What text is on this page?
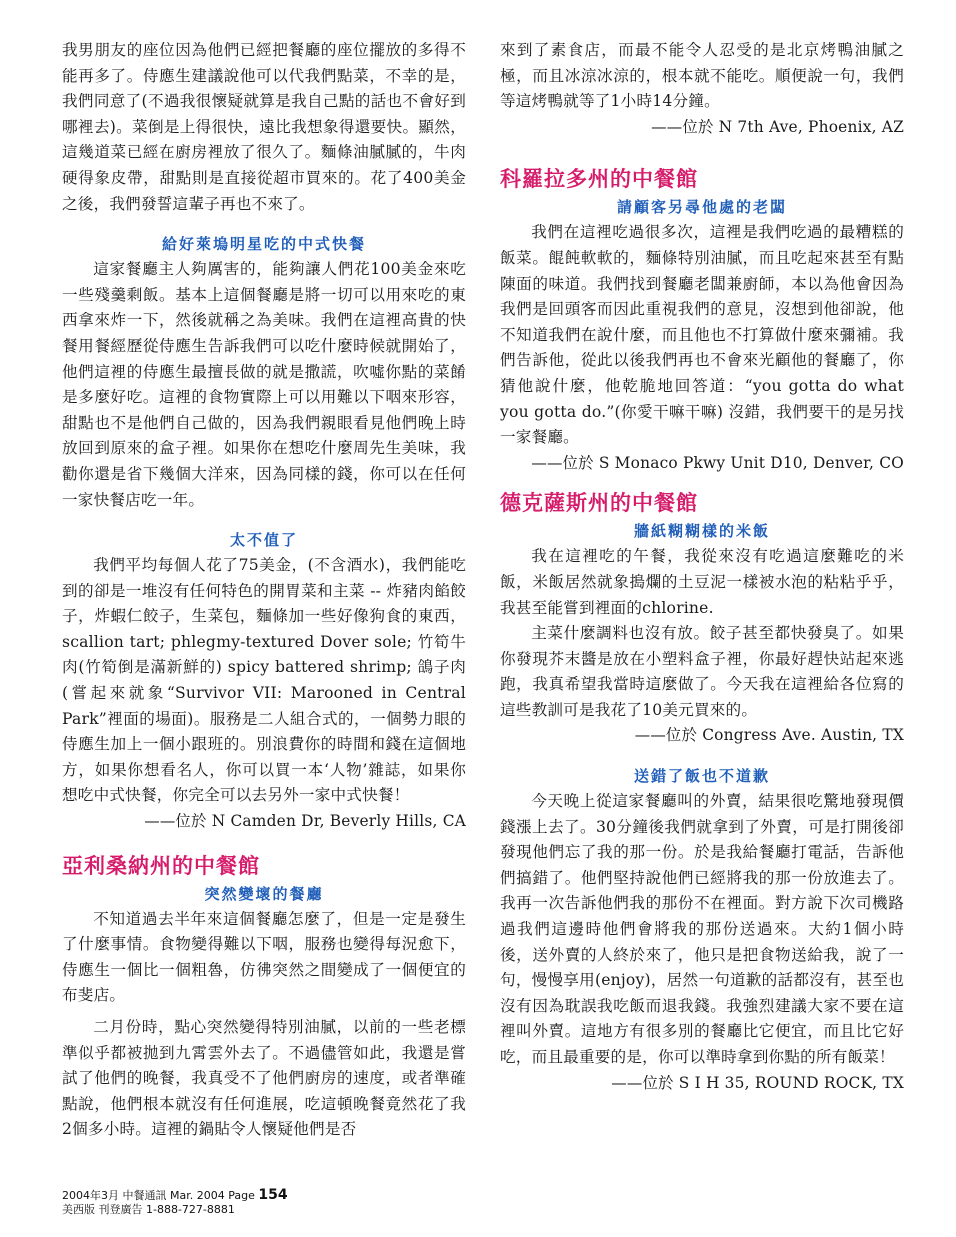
我男朋友的座位因為他們已經把餐廳的座位擺放的多得不能再多了。侍應生建議說他可以代我們點菜，不幸的是，我們同意了(不過我很懷疑就算是我自己點的話也不會好到哪裡去)。菜倒是上得很快，遠比我想象得還要快。顯然，這幾道菜已經在廚房裡放了很久了。麵條油膩膩的，牛肉硬得象皮帶，甜點則是直接從超市買來的。花了400美金之後，我們發誓這輩子再也不來了。

給好萊塢明星吃的中式快餐

這家餐廳主人夠厲害的，能夠讓人們花100美金來吃一些殘羹剩飯。基本上這個餐廳是將一切可以用來吃的東西拿來炸一下，然後就稱之為美味。我們在這裡高貴的快餐用餐經歷從侍應生告訴我們可以吃什麼時候就開始了，他們這裡的侍應生最擅長做的就是撒謊，吹噓你點的菜餚是多麼好吃。這裡的食物實際上可以用難以下咽來形容，甜點也不是他們自己做的，因為我們親眼看見他們晚上時放回到原來的盒子裡。如果你在想吃什麼周先生美味，我勸你還是省下幾個大洋來，因為同樣的錢，你可以在任何一家快餐店吃一年。

太不值了

我們平均每個人花了75美金，(不含酒水)，我們能吃到的卻是一堆沒有任何特色的開胃菜和主菜 -- 炸豬肉餡餃子，炸蝦仁餃子，生菜包，麵條加一些好像狗食的東西，scallion tart; phlegmy-textured Dover sole; 竹筍牛肉(竹筍倒是滿新鮮的) spicy battered shrimp; 鴿子肉(嘗起來就象“Survivor VII: Marooned in Central Park”裡面的場面)。服務是二人組合式的，一個勢力眼的侍應生加上一個小跟班的。別浪費你的時間和錢在這個地方，如果你想看名人，你可以買一本‘人物’雜誌，如果你想吃中式快餐，你完全可以去另外一家中式快餐！

——位於 N Camden Dr, Beverly Hills, CA

亞利桑納州的中餐館
突然變壞的餐廳

不知道過去半年來這個餐廳怎麼了，但是一定是發生了什麼事情。食物變得難以下咽，服務也變得每況愈下，侍應生一個比一個粗魯，仿彿突然之間變成了一個便宜的布斐店。

二月份時，點心突然變得特別油膩，以前的一些老標準似乎都被拋到九霄雲外去了。不過儘管如此，我還是嘗試了他們的晚餐，我真受不了他們廚房的速度，或者準確點說，他們根本就沒有任何進展，吃這頓晚餐竟然花了我2個多小時。這裡的鍋貼令人懷疑他們是否

來到了素食店，而最不能令人忍受的是北京烤鴨油膩之極，而且冰涼冰涼的，根本就不能吃。順便說一句，我們等這烤鴨就等了1小時14分鐘。

——位於 N 7th Ave, Phoenix, AZ

科羅拉多州的中餐館
請顧客另尋他處的老闆

我們在這裡吃過很多次，這裡是我們吃過的最糟糕的飯菜。餛飩軟軟的，麵條特別油膩，而且吃起來甚至有點陳面的味道。我們找到餐廳老闆兼廚師，本以為他會因為我們是回頭客而因此重視我們的意見，沒想到他卻說，他不知道我們在說什麼，而且他也不打算做什麼來彌補。我們告訴他，從此以後我們再也不會來光顧他的餐廳了，你猜他說什麼，他乾脆地回答道：“you gotta do what you gotta do.”(你愛干嘛干嘛) 沒錯，我們要干的是另找一家餐廳。

——位於 S Monaco Pkwy Unit D10, Denver, CO

德克薩斯州的中餐館
牆紙糊糊樣的米飯

我在這裡吃的午餐，我從來沒有吃過這麼難吃的米飯，米飯居然就象搗爛的土豆泥一樣被水泡的粘粘乎乎，我甚至能嘗到裡面的chlorine.

主菜什麼調料也沒有放。餃子甚至都快發臭了。如果你發現芥末醬是放在小塑料盒子裡，你最好趕快站起來逃跑，我真希望我當時這麼做了。今天我在這裡給各位寫的這些教訓可是我花了10美元買來的。

——位於 Congress Ave. Austin, TX

送錯了飯也不道歉

今天晚上從這家餐廳叫的外賣，結果很吃驚地發現價錢漲上去了。30分鐘後我們就拿到了外賣，可是打開後卻發現他們忘了我的那一份。於是我給餐廳打電話，告訴他們搞錯了。他們堅持說他們已經將我的那一份放進去了。我再一次告訴他們我的那份不在裡面。對方說下次司機路過我們這邊時他們會將我的那份送過來。大約1個小時後，送外賣的人終於來了，他只是把食物送給我，說了一句，慢慢享用(enjoy)，居然一句道歉的話都沒有，甚至也沒有因為耽誤我吃飯而退我錢。我強烈建議大家不要在這裡叫外賣。這地方有很多別的餐廳比它便宜，而且比它好吃，而且最重要的是，你可以準時拿到你點的所有飯菜！

——位於 S I H 35, ROUND ROCK, TX

2004年3月 中餐通訊 Mar. 2004 Page 154
美西版 刊登廣告 1-888-727-8881
